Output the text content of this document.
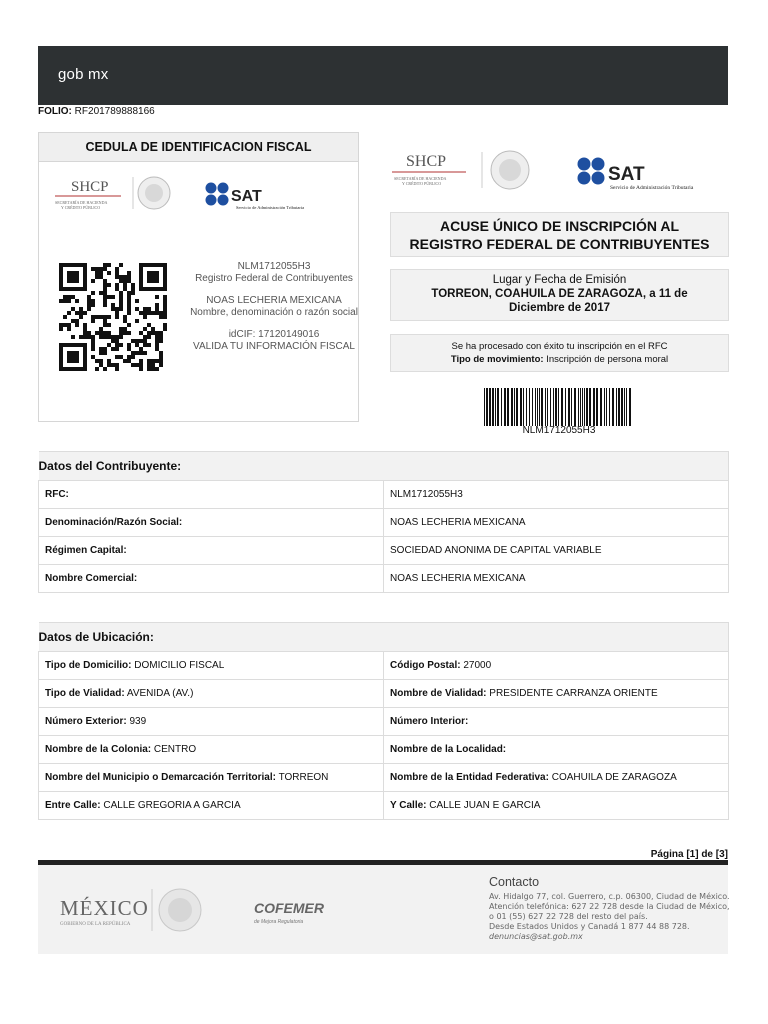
gob mx
FOLIO: RF201789888166
CEDULA DE IDENTIFICACION FISCAL
SHCP
SECRETARÍA DE HACIENDA
Y CRÉDITO PÚBLICO
SAT
Servicio de Administración Tributaria
NLM1712055H3
Registro Federal de Contribuyentes
NOAS LECHERIA MEXICANA
Nombre, denominación o razón social
idCIF: 17120149016
VALIDA TU INFORMACIÓN FISCAL
SHCP
SECRETARÍA DE HACIENDA
Y CRÉDITO PÚBLICO	SAT
Servicio de Administración Tributaria
ACUSE ÚNICO DE INSCRIPCIÓN AL
REGISTRO FEDERAL DE CONTRIBUYENTES
Lugar y Fecha de Emisión
TORREON, COAHUILA DE ZARAGOZA, a 11 de
Diciembre de 2017
Se ha procesado con éxito tu inscripción en el RFC
Tipo de movimiento: Inscripción de persona moral
NLM1712055H3
Datos del Contribuyente:	
RFC:	NLM1712055H3
Denominación/Razón Social:	NOAS LECHERIA MEXICANA
Régimen Capital:	SOCIEDAD ANONIMA DE CAPITAL VARIABLE
Nombre Comercial:	NOAS LECHERIA MEXICANA
Datos de Ubicación:	
Tipo de Domicilio: DOMICILIO FISCAL	Código Postal: 27000
Tipo de Vialidad: AVENIDA (AV.)	Nombre de Vialidad: PRESIDENTE CARRANZA ORIENTE
Número Exterior: 939	Número Interior:
Nombre de la Colonia: CENTRO	Nombre de la Localidad:
Nombre del Municipio o Demarcación Territorial: TORREON	Nombre de la Entidad Federativa: COAHUILA DE ZARAGOZA
Entre Calle: CALLE GREGORIA A GARCIA	Y Calle: CALLE JUAN E GARCIA
Página [1] de [3]
MÉXICO
GOBIERNO DE LA REPÚBLICA
COFEMER
de Mejora Regulatoria
Contacto
Av. Hidalgo 77, col. Guerrero, c.p. 06300, Ciudad de México.
Atención telefónica: 627 22 728 desde la Ciudad de México,
o 01 (55) 627 22 728 del resto del país.
Desde Estados Unidos y Canadá 1 877 44 88 728.
denuncias@sat.gob.mx
